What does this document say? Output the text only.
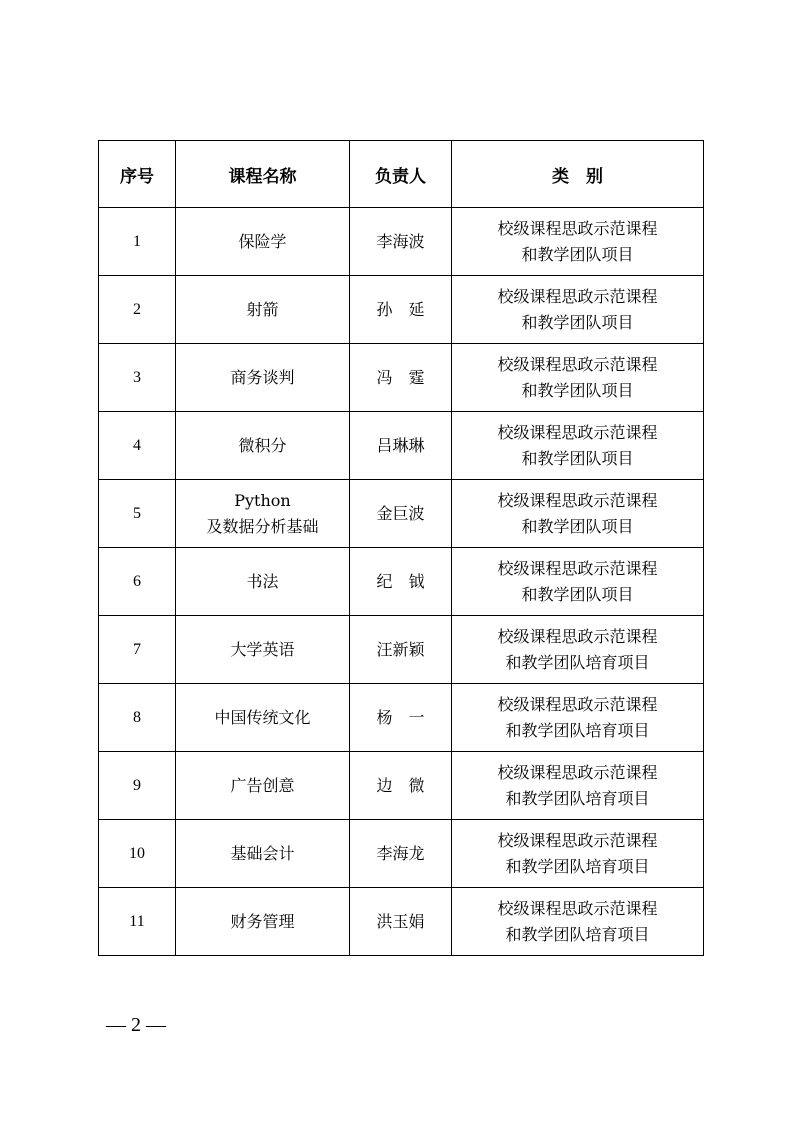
序号	课程名称	负责人	类　别
1	保险学	李海波	校级课程思政示范课程
和教学团队项目

2	射箭	孙　延	校级课程思政示范课程
和教学团队项目

3	商务谈判	冯　霆	校级课程思政示范课程
和教学团队项目

4	微积分	吕琳琳	校级课程思政示范课程
和教学团队项目

5	Python
及数据分析基础	金巨波	校级课程思政示范课程
和教学团队项目

6	书法	纪　钺	校级课程思政示范课程
和教学团队项目

7	大学英语	汪新颖	校级课程思政示范课程
和教学团队培育项目

8	中国传统文化	杨　一	校级课程思政示范课程
和教学团队培育项目

9	广告创意	边　微	校级课程思政示范课程
和教学团队培育项目

10	基础会计	李海龙	校级课程思政示范课程
和教学团队培育项目

11	财务管理	洪玉娟	校级课程思政示范课程
和教学团队培育项目
— 2 —
